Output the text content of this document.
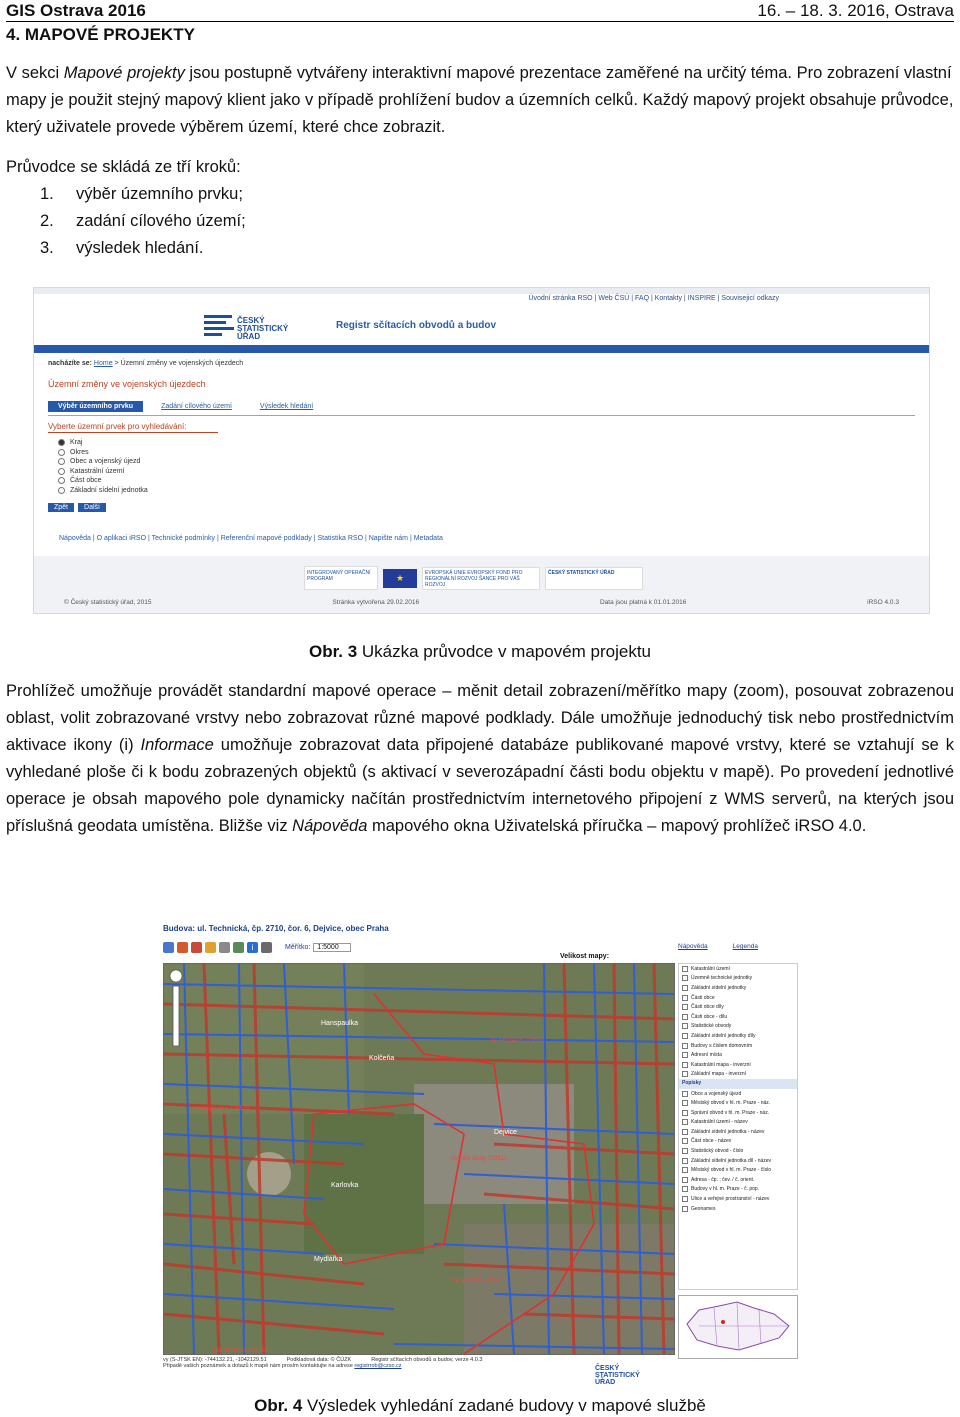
GIS Ostrava 2016	16. – 18. 3. 2016, Ostrava
4. MAPOVÉ PROJEKTY

V sekci Mapové projekty jsou postupně vytvářeny interaktivní mapové prezentace zaměřené na určitý téma. Pro zobrazení vlastní mapy je použit stejný mapový klient jako v případě prohlížení budov a územních celků. Každý mapový projekt obsahuje průvodce, který uživatele provede výběrem území, které chce zobrazit.

Průvodce se skládá ze tří kroků:
1. výběr územního prvku;
2. zadání cílového území;
3. výsledek hledání.
Úvodní stránka RSO | Web ČSÚ | FAQ | Kontakty | INSPIRE | Souvisejicí odkazy
ČESKÝ
STATISTICKÝ
ÚŘAD
Registr sčítacích obvodů a budov
nacházíte se: Home > Územní změny ve vojenských újezdech
Územní změny ve vojenských újezdech
Výběr územního prvku	Zadání cílového území	Výsledek hledání
Vyberte územní prvek pro vyhledávání:
Kraj
Okres
Obec a vojenský újezd
Katastrální území
Část obce
Základní sídelní jednotka
Zpět	Další
Nápověda | O aplikaci iRSO | Technické podmínky | Referenční mapové podklady | Statistika RSO | Napište nám | Metadata
INTEGROVANÝ OPERAČNÍ PROGRAM	★	EVROPSKÁ UNIE EVROPSKÝ FOND PRO REGIONÁLNÍ ROZVOJ ŠANCE PRO VÁŠ ROZVOJ
ČESKÝ STATISTICKÝ ÚŘAD
© Český statistický úřad, 2015	Stránka vytvořena 29.02.2016	Data jsou platná k 01.01.2016	iRSO 4.0.3
Obr. 3 Ukázka průvodce v mapovém projektu

Prohlížeč umožňuje provádět standardní mapové operace – měnit detail zobrazení/měřítko mapy (zoom), posouvat zobrazenou oblast, volit zobrazované vrstvy nebo zobrazovat různé mapové podklady. Dále umožňuje jednoduchý tisk nebo prostřednictvím aktivace ikony (i) Informace umožňuje zobrazovat data připojené databáze publikované mapové vrstvy, které se vztahují se k vyhledané ploše či k bodu zobrazených objektů (s aktivací v severozápadní části bodu objektu v mapě). Po provedení jednotlivé operace je obsah mapového pole dynamicky načítán prostřednictvím internetového připojení z WMS serverů, na kterých jsou příslušná geodata umístěna. Bližše viz Nápověda mapového okna Uživatelská příručka – mapový prohlížeč iRSO 4.0.

Budova: ul. Technická, čp. 2710, čor. 6, Dejvice, obec Praha
i	Měřítko:	1:5000
Velikost mapy:
Nápověda	Legenda
Hanspaulka
Kolčeňa
Dejvice
Karlovka
Mydlářka
Šárecký dvůr
Hanspaulka 729575
Vysoké školy 729515
Ve Struhách 729558
Ve Vinicích 729577
Na Santince 729566
Katastrální území
Územně technické jednotky
Základní sídelní jednotky
Části obce
Části obce díly
Části obce - dílu
Statistické obvody
Základní sídelní jednotky díly
Budovy s číslem domovním
Adresní místa
Katastrální mapa - inverzní
Základní mapa - inverzní
Popisky
Obce a vojenský újezd
Městský obvod v hl. m. Praze - náz.
Správní obvod v hl. m. Praze - náz.
Katastrální území - název
Základní sídelní jednotka - název
Část obce - název
Statistický obvod - číslo
Základní sídelní jednotka díl - název
Městský obvod v hl. m. Praze - číslo
Adresa - čp. ; čev. / č. orient.
Budovy v hl. m. Praze - č. pop.
Ulice a veřejné prostranství - název
Geonames
vy (S-JTSK EN): -744132.21, -1042129.51	Podkladová data: © ČÚZK	Registr sčítacích obvodů a budov, verze 4.0.3
Připadě vašich poznámek a dotazů k mapě nám prosím kontaktujte na adrese registrrob@czso.cz	ČESKÝ
STATISTICKÝ
ÚŘAD
Obr. 4 Výsledek vyhledání zadané budovy v mapové službě
